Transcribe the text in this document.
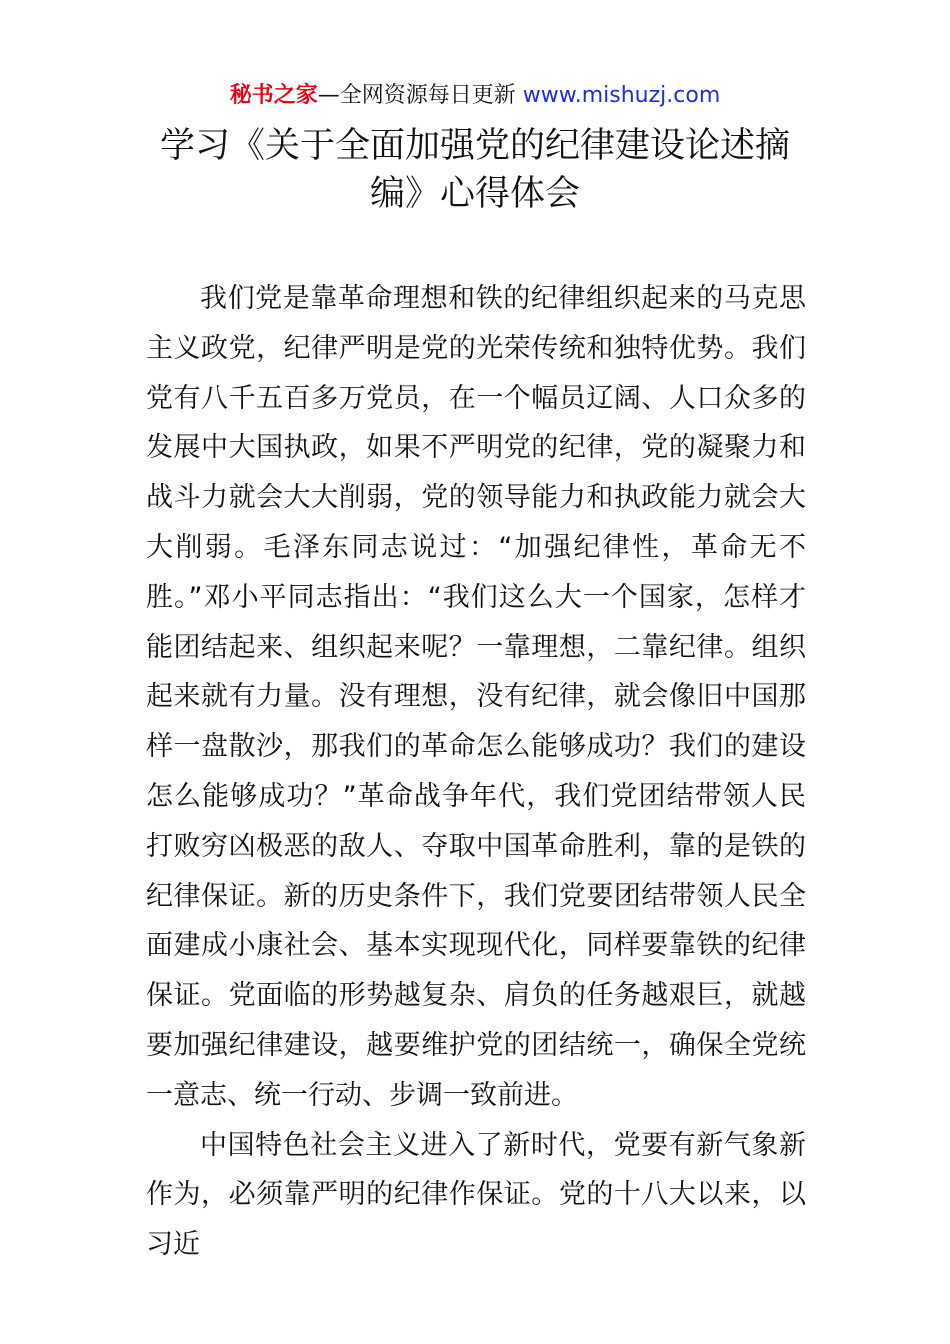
秘书之家—全网资源每日更新 www.mishuzj.com
学习《关于全面加强党的纪律建设论述摘
编》心得体会

我们党是靠革命理想和铁的纪律组织起来的马克思主义政党，纪律严明是党的光荣传统和独特优势。我们党有八千五百多万党员，在一个幅员辽阔、人口众多的发展中大国执政，如果不严明党的纪律，党的凝聚力和战斗力就会大大削弱，党的领导能力和执政能力就会大大削弱。毛泽东同志说过：“加强纪律性，革命无不胜。”邓小平同志指出：“我们这么大一个国家，怎样才能团结起来、组织起来呢？一靠理想，二靠纪律。组织起来就有力量。没有理想，没有纪律，就会像旧中国那样一盘散沙，那我们的革命怎么能够成功？我们的建设怎么能够成功？”革命战争年代，我们党团结带领人民打败穷凶极恶的敌人、夺取中国革命胜利，靠的是铁的纪律保证。新的历史条件下，我们党要团结带领人民全面建成小康社会、基本实现现代化，同样要靠铁的纪律保证。党面临的形势越复杂、肩负的任务越艰巨，就越要加强纪律建设，越要维护党的团结统一，确保全党统一意志、统一行动、步调一致前进。

中国特色社会主义进入了新时代，党要有新气象新作为，必须靠严明的纪律作保证。党的十八大以来，以习近
